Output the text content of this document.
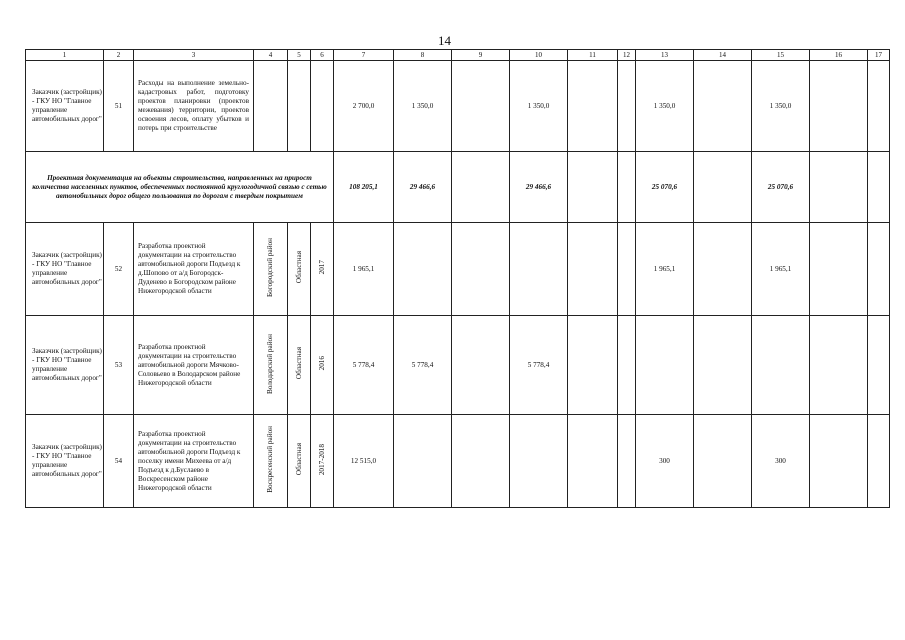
14
1	2	3	4	5	6	7	8	9	10	11	12	13	14	15	16	17
Заказчик (застройщик) - ГКУ НО "Главное управление автомобильных дорог"	51	Расходы на выполнение земельно-кадастровых работ, подготовку проектов планировки (проектов межевания) территории, проектов освоения лесов, оплату убытков и потерь при строительстве				2 700,0	1 350,0		1 350,0			1 350,0		1 350,0		
Проектная документация на объекты строительства, направленных на прирост количества населенных пунктов, обеспеченных постоянной круглогодичной связью с сетью автомобильных дорог общего пользования по дорогам с твердым покрытием						108 205,1	29 466,6		29 466,6			25 070,6		25 070,6		
Заказчик (застройщик) - ГКУ НО "Главное управление автомобильных дорог"	52	Разработка проектной документации на строительство автомобильной дороги Подъезд к д.Шопово от а/д Богородск-Дуденево в Богородском районе Нижегородской области	Богородский район	Областная	2017	1 965,1						1 965,1		1 965,1		
Заказчик (застройщик) - ГКУ НО "Главное управление автомобильных дорог"	53	Разработка проектной документации на строительство автомобильной дороги Мячково-Соловьево в Володарском районе Нижегородской области	Володарский район	Областная	2016	5 778,4	5 778,4		5 778,4							
Заказчик (застройщик) - ГКУ НО "Главное управление автомобильных дорог"	54	Разработка проектной документации на строительство автомобильной дороги Подъезд к поселку имени Михеева от а/д Подъезд к д.Буслаево в Воскресенском районе Нижегородской области	Воскресенский район	Областная	2017-2018	12 515,0						300		300		
